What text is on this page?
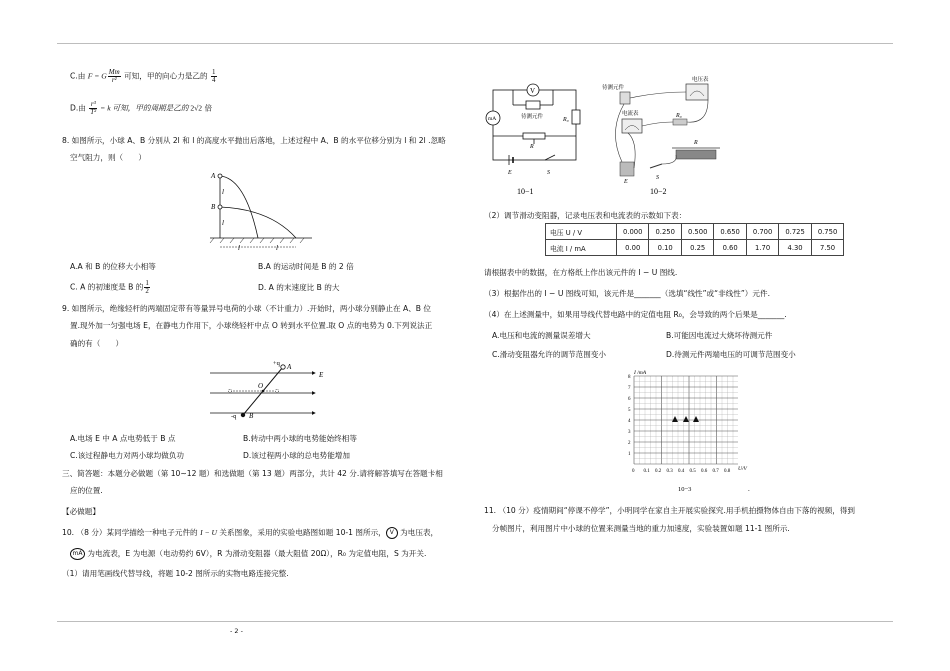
C.由 F = G $\frac{Mm}{\text{r²}}$ 可知，甲的向心力是乙的 $\frac{1}{4}$
D.由 $\frac{\text{r³}}{\text{T²}} = k$ 可知，甲的周期是乙的 2√2 倍
8. 如图所示，小球 A、B 分别从 2l 和 l 的高度水平抛出后落地，上述过程中 A、B 的水平位移分别为 l 和 2l .忽略
空气阻力，则（　　）
A
B
l
l
l	l
A.A 和 B 的位移大小相等	B.A 的运动时间是 B 的 2 倍
C. A 的初速度是 B 的 $\frac{1}{2}$	D. A 的末速度比 B 的大
9. 如图所示，绝缘轻杆的两端固定带有等量异号电荷的小球（不计重力）.开始时，两小球分别静止在 A、B 位
置.现外加一匀强电场 E，在静电力作用下，小球绕轻杆中点 O 转到水平位置.取 O 点的电势为 0.下列说法正
确的有（　　）
+q A
E
O
B
-q
A.电场 E 中 A 点电势低于 B 点	B.转动中两小球的电势能始终相等
C.该过程静电力对两小球均做负功	D.该过程两小球的总电势能增加
三、简答题：本题分必做题（第 10~12 题）和选做题（第 13 题）两部分，共计 42 分.请将解答填写在答题卡相
应的位置.
【必做题】
10. （8 分）某同学描绘一种电子元件的 I − U 关系图象，采用的实验电路图如题 10-1 图所示， V 为电压表，
mA 为电流表，E 为电源（电动势约 6V），R 为滑动变阻器（最大阻值 20Ω），R₀ 为定值电阻，S 为开关.
（1）请用笔画线代替导线，将题 10-2 图所示的实物电路连接完整.
- 2 -
V
待测元件
mA	R₀
R
E	S
10−1
待测元件
电压表
电流表	R₀
R
E
S
10−2
（2）调节滑动变阻器，记录电压表和电流表的示数如下表：
电压 U / V	0.000	0.250	0.500	0.650	0.700	0.725	0.750
电流 I / mA	0.00	0.10	0.25	0.60	1.70	4.30	7.50
请根据表中的数据，在方格纸上作出该元件的 I − U 图线.
（3）根据作出的 I − U 图线可知，该元件是_______（选填“线性”或“非线性”）元件.
（4）在上述测量中，如果用导线代替电路中的定值电阻 R₀，会导致的两个后果是_______.
A.电压和电流的测量误差增大	B.可能因电流过大烧坏待测元件
C.滑动变阻器允许的调节范围变小	D.待测元件两端电压的可调节范围变小
I /mA
U/V
0 0.1 0.2 0.3 0.4 0.5 0.6 0.7 0.8
1
2
3
4
5
6
7
8
10−3	.
11. （10 分）疫情期间“停课不停学”，小明同学在家自主开展实验探究.用手机拍摄物体自由下落的视频，得到
分帧图片，利用图片中小球的位置来测量当地的重力加速度，实验装置如题 11-1 图所示.
